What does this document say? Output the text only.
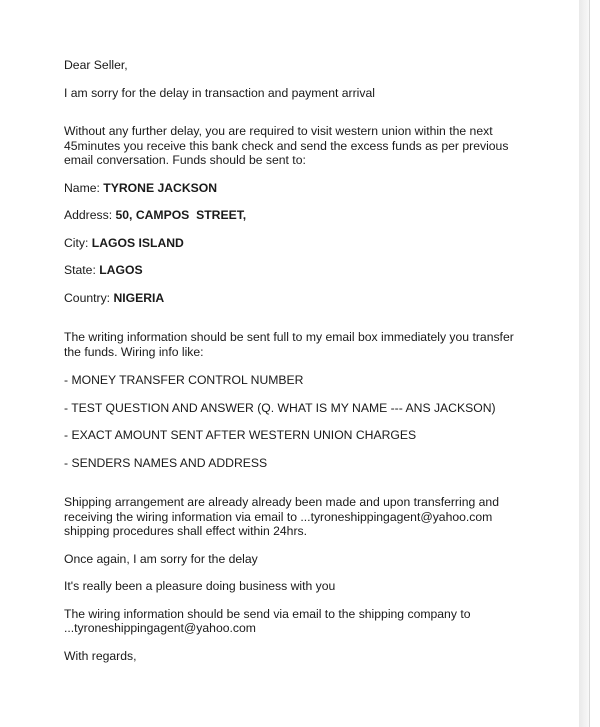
Dear Seller,

I am sorry for the delay in transaction and payment arrival

Without any further delay, you are required to visit western union within the next 45minutes you receive this bank check and send the excess funds as per previous email conversation. Funds should be sent to:

Name: TYRONE JACKSON

Address: 50, CAMPOS  STREET,

City: LAGOS ISLAND

State: LAGOS

Country: NIGERIA

The writing information should be sent full to my email box immediately you transfer the funds. Wiring info like:

- MONEY TRANSFER CONTROL NUMBER

- TEST QUESTION AND ANSWER (Q. WHAT IS MY NAME --- ANS JACKSON)

- EXACT AMOUNT SENT AFTER WESTERN UNION CHARGES

- SENDERS NAMES AND ADDRESS

Shipping arrangement are already already been made and upon transferring and receiving the wiring information via email to ...tyroneshippingagent@yahoo.com shipping procedures shall effect within 24hrs.

Once again, I am sorry for the delay

It's really been a pleasure doing business with you

The wiring information should be send via email to the shipping company to ...tyroneshippingagent@yahoo.com

With regards,
